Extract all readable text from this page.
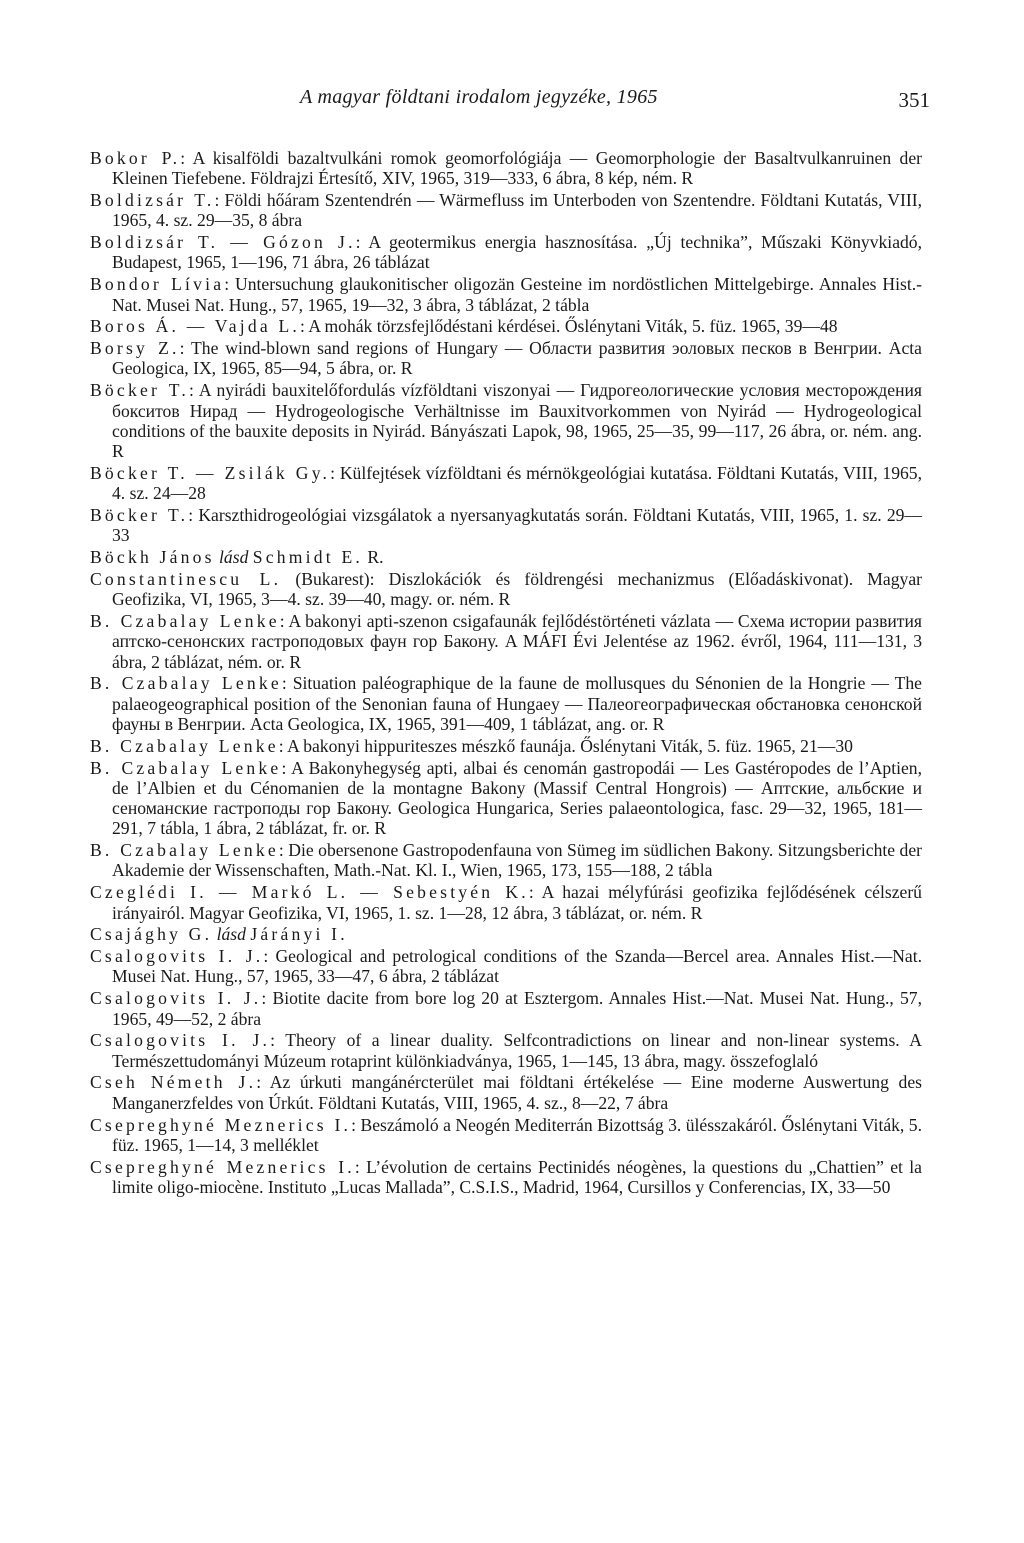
A magyar földtani irodalom jegyzéke, 1965	351

Bokor P.: A kisalföldi bazaltvulkáni romok geomorfológiája — Geomorphologie der Basaltvulkanruinen der Kleinen Tiefebene. Földrajzi Értesítő, XIV, 1965, 319—333, 6 ábra, 8 kép, ném. R

Boldizsár T.: Földi hőáram Szentendrén — Wärmefluss im Unterboden von Szentendre. Földtani Kutatás, VIII, 1965, 4. sz. 29—35, 8 ábra

Boldizsár T. — Gózon J.: A geotermikus energia hasznosítása. „Új technika”, Műszaki Könyvkiadó, Budapest, 1965, 1—196, 71 ábra, 26 táblázat

Bondor Lívia: Untersuchung glaukonitischer oligozän Gesteine im nordöstlichen Mittelgebirge. Annales Hist.-Nat. Musei Nat. Hung., 57, 1965, 19—32, 3 ábra, 3 táblázat, 2 tábla

Boros Á. — Vajda L.: A mohák törzsfejlődéstani kérdései. Őslénytani Viták, 5. füz. 1965, 39—48

Borsy Z.: The wind-blown sand regions of Hungary — Области развития эоловых песков в Венгрии. Acta Geologica, IX, 1965, 85—94, 5 ábra, or. R

Böcker T.: A nyirádi bauxitelőfordulás vízföldtani viszonyai — Гидрогеологические условия месторождения бокситов Нирад — Hydrogeologische Verhältnisse im Bauxitvorkommen von Nyirád — Hydrogeological conditions of the bauxite deposits in Nyirád. Bányászati Lapok, 98, 1965, 25—35, 99—117, 26 ábra, or. ném. ang. R

Böcker T. — Zsilák Gy.: Külfejtések vízföldtani és mérnökgeológiai kutatása. Földtani Kutatás, VIII, 1965, 4. sz. 24—28

Böcker T.: Karszthidrogeológiai vizsgálatok a nyersanyagkutatás során. Földtani Kutatás, VIII, 1965, 1. sz. 29—33

Böckh János lásd Schmidt E. R.

Constantinescu L. (Bukarest): Diszlokációk és földrengési mechanizmus (Előadáskivonat). Magyar Geofizika, VI, 1965, 3—4. sz. 39—40, magy. or. ném. R

B. Czabalay Lenke: A bakonyi apti-szenon csigafaunák fejlődéstörténeti vázlata — Схема истории развития аптско-сенонских гастроподовых фаун гор Бакону. A MÁFI Évi Jelentése az 1962. évről, 1964, 111—131, 3 ábra, 2 táblázat, ném. or. R

B. Czabalay Lenke: Situation paléographique de la faune de mollusques du Sénonien de la Hongrie — The palaeogeographical position of the Senonian fauna of Hungaey — Палеогеографическая обстановка сенонской фауны в Венгрии. Acta Geologica, IX, 1965, 391—409, 1 táblázat, ang. or. R

B. Czabalay Lenke: A bakonyi hippuriteszes mészkő faunája. Őslénytani Viták, 5. füz. 1965, 21—30

B. Czabalay Lenke: A Bakonyhegység apti, albai és cenomán gastropodái — Les Gastéropodes de l’Aptien, de l’Albien et du Cénomanien de la montagne Bakony (Massif Central Hongrois) — Аптские, альбские и сеноманские гастроподы гор Бакону. Geologica Hungarica, Series palaeontologica, fasc. 29—32, 1965, 181—291, 7 tábla, 1 ábra, 2 táblázat, fr. or. R

B. Czabalay Lenke: Die obersenone Gastropodenfauna von Sümeg im südlichen Bakony. Sitzungsberichte der Akademie der Wissenschaften, Math.-Nat. Kl. I., Wien, 1965, 173, 155—188, 2 tábla

Czeglédi I. — Markó L. — Sebestyén K.: A hazai mélyfúrási geofizika fejlődésének célszerű irányairól. Magyar Geofizika, VI, 1965, 1. sz. 1—28, 12 ábra, 3 táblázat, or. ném. R

Csajághy G. lásd Járányi I.

Csalogovits I. J.: Geological and petrological conditions of the Szanda—Bercel area. Annales Hist.—Nat. Musei Nat. Hung., 57, 1965, 33—47, 6 ábra, 2 táblázat

Csalogovits I. J.: Biotite dacite from bore log 20 at Esztergom. Annales Hist.—Nat. Musei Nat. Hung., 57, 1965, 49—52, 2 ábra

Csalogovits I. J.: Theory of a linear duality. Selfcontradictions on linear and non-linear systems. A Természettudományi Múzeum rotaprint különkiadványa, 1965, 1—145, 13 ábra, magy. összefoglaló

Cseh Németh J.: Az úrkuti mangánércterület mai földtani értékelése — Eine moderne Auswertung des Manganerzfeldes von Úrkút. Földtani Kutatás, VIII, 1965, 4. sz., 8—22, 7 ábra

Csepreghyné Meznerics I.: Beszámoló a Neogén Mediterrán Bizottság 3. ülésszakáról. Őslénytani Viták, 5. füz. 1965, 1—14, 3 melléklet

Csepreghyné Meznerics I.: L’évolution de certains Pectinidés néogènes, la questions du „Chattien” et la limite oligo-miocène. Instituto „Lucas Mallada”, C.S.I.S., Madrid, 1964, Cursillos y Conferencias, IX, 33—50
